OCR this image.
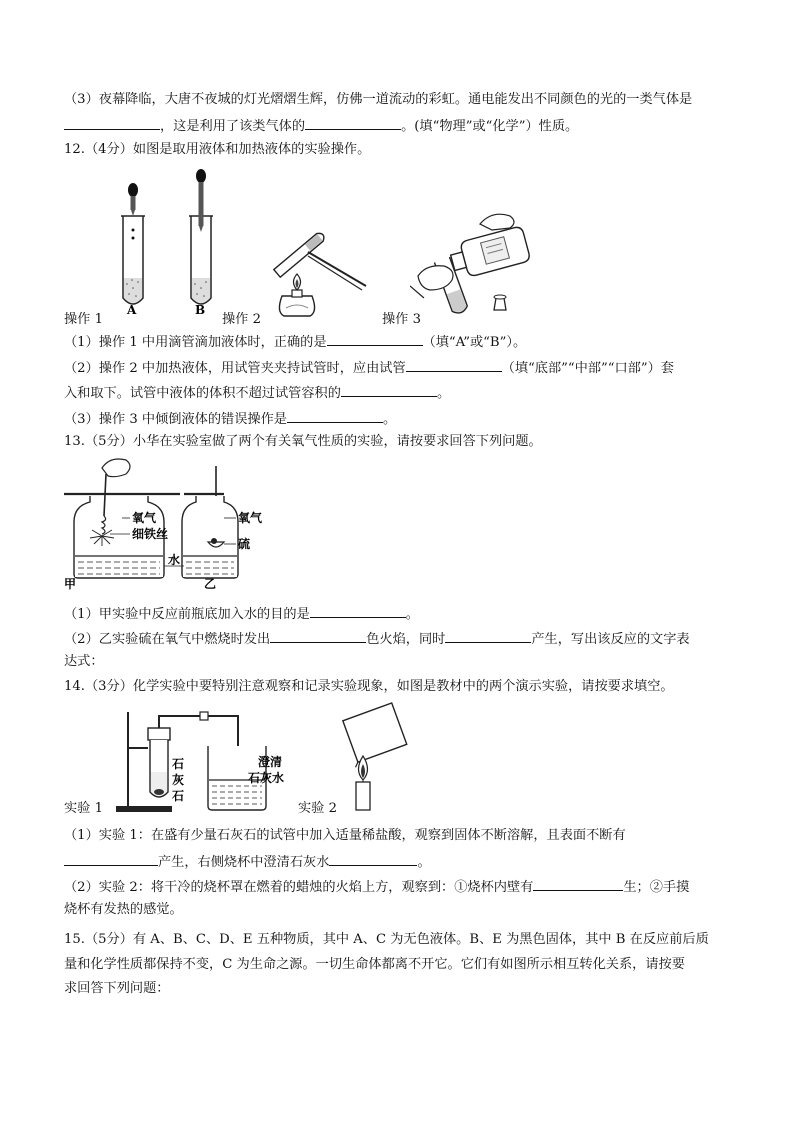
（3）夜幕降临，大唐不夜城的灯光熠熠生辉，仿佛一道流动的彩虹。通电能发出不同颜色的光的一类气体是
，这是利用了该类气体的	。(填“物理”或“化学”）性质。
12.（4分）如图是取用液体和加热液体的实验操作。
A	B
操作 1	操作 2	操作 3
（1）操作 1 中用滴管滴加液体时，正确的是	（填“A”或“B”）。
（2）操作 2 中加热液体，用试管夹夹持试管时，应由试管	（填“底部”“中部”“口部”）套
入和取下。试管中液体的体积不超过试管容积的	。
（3）操作 3 中倾倒液体的错误操作是	。
13.（5分）小华在实验室做了两个有关氧气性质的实验，请按要求回答下列问题。
氧气
细铁丝
氧气
硫
水
甲	乙
（1）甲实验中反应前瓶底加入水的目的是	。
（2）乙实验硫在氧气中燃烧时发出	色火焰，同时	产生，写出该反应的文字表
达式：
14.（3分）化学实验中要特别注意观察和记录实验现象，如图是教材中的两个演示实验，请按要求填空。
石
灰
石
澄清
石灰水
实验 1	实验 2
（1）实验 1：在盛有少量石灰石的试管中加入适量稀盐酸，观察到固体不断溶解，且表面不断有
产生，右侧烧杯中澄清石灰水	。
（2）实验 2：将干冷的烧杯罩在燃着的蜡烛的火焰上方，观察到：①烧杯内壁有	生；②手摸
烧杯有发热的感觉。
15.（5分）有 A、B、C、D、E 五种物质，其中 A、C 为无色液体。B、E 为黑色固体，其中 B 在反应前后质
量和化学性质都保持不变，C 为生命之源。一切生命体都离不开它。它们有如图所示相互转化关系，请按要
求回答下列问题：
